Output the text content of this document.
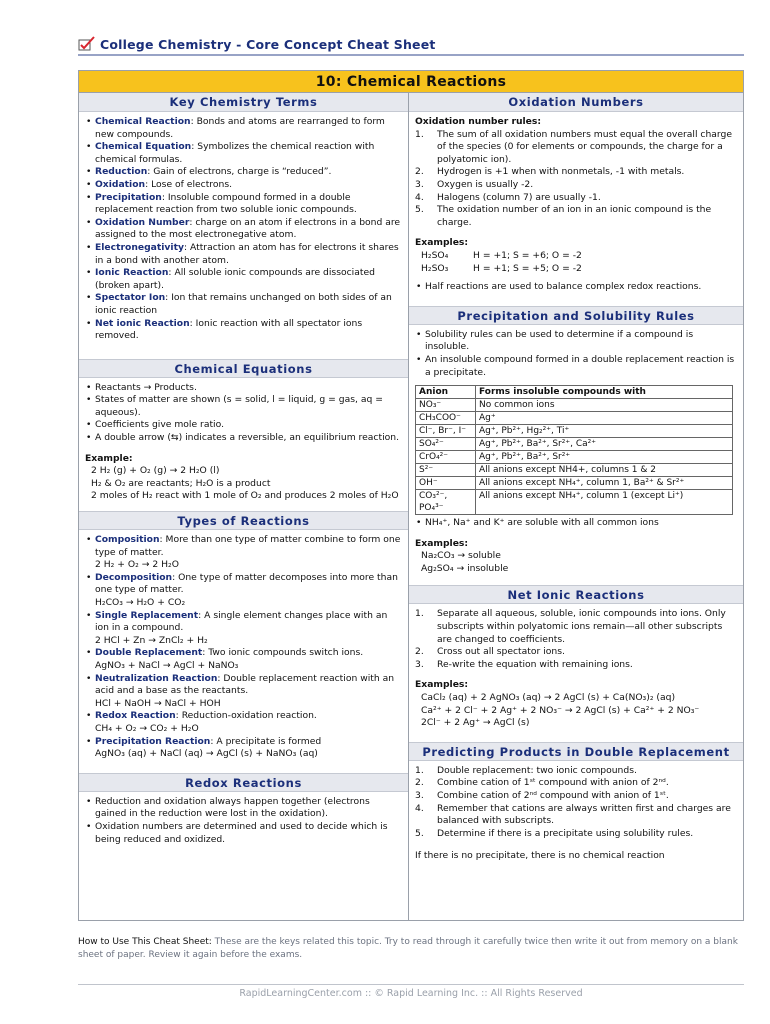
College Chemistry - Core Concept Cheat Sheet
10: Chemical Reactions
Key Chemistry Terms
• Chemical Reaction: Bonds and atoms are rearranged to form new compounds.
• Chemical Equation: Symbolizes the chemical reaction with chemical formulas.
• Reduction: Gain of electrons, charge is “reduced”.
• Oxidation: Lose of electrons.
• Precipitation: Insoluble compound formed in a double replacement reaction from two soluble ionic compounds.
• Oxidation Number: charge on an atom if electrons in a bond are assigned to the most electronegative atom.
• Electronegativity: Attraction an atom has for electrons it shares in a bond with another atom.
• Ionic Reaction: All soluble ionic compounds are dissociated (broken apart).
• Spectator Ion: Ion that remains unchanged on both sides of an ionic reaction
• Net ionic Reaction: Ionic reaction with all spectator ions removed.
Chemical Equations
• Reactants → Products.
• States of matter are shown (s = solid, l = liquid, g = gas, aq = aqueous).
• Coefficients give mole ratio.
• A double arrow (⇆) indicates a reversible, an equilibrium reaction.
Example:
2 H₂ (g) + O₂ (g) → 2 H₂O (l)
H₂ & O₂ are reactants; H₂O is a product
2 moles of H₂ react with 1 mole of O₂ and produces 2 moles of H₂O
Types of Reactions
• Composition: More than one type of matter combine to form one type of matter.
2 H₂ + O₂ → 2 H₂O
• Decomposition: One type of matter decomposes into more than one type of matter.
H₂CO₃ → H₂O + CO₂
• Single Replacement: A single element changes place with an ion in a compound.
2 HCl + Zn → ZnCl₂ + H₂
• Double Replacement: Two ionic compounds switch ions.
AgNO₃ + NaCl → AgCl + NaNO₃
• Neutralization Reaction: Double replacement reaction with an acid and a base as the reactants.
HCl + NaOH → NaCl + HOH
• Redox Reaction: Reduction-oxidation reaction.
CH₄ + O₂ → CO₂ + H₂O
• Precipitation Reaction: A precipitate is formed
AgNO₃ (aq) + NaCl (aq) → AgCl (s) + NaNO₃ (aq)
Redox Reactions
• Reduction and oxidation always happen together (electrons gained in the reduction were lost in the oxidation).
• Oxidation numbers are determined and used to decide which is being reduced and oxidized.
Oxidation Numbers
Oxidation number rules:
1. The sum of all oxidation numbers must equal the overall charge of the species (0 for elements or compounds, the charge for a polyatomic ion).
2. Hydrogen is +1 when with nonmetals, -1 with metals.
3. Oxygen is usually -2.
4. Halogens (column 7) are usually -1.
5. The oxidation number of an ion in an ionic compound is the charge.
Examples:
H₂SO₄	H = +1; S = +6; O = -2
H₂SO₃	H = +1; S = +5; O = -2
• Half reactions are used to balance complex redox reactions.
Precipitation and Solubility Rules
• Solubility rules can be used to determine if a compound is insoluble.
• An insoluble compound formed in a double replacement reaction is a precipitate.
Anion	Forms insoluble compounds with
NO₃⁻	No common ions
CH₃COO⁻	Ag⁺
Cl⁻, Br⁻, I⁻	Ag⁺, Pb²⁺, Hg₂²⁺, Ti⁺
SO₄²⁻	Ag⁺, Pb²⁺, Ba²⁺, Sr²⁺, Ca²⁺
CrO₄²⁻	Ag⁺, Pb²⁺, Ba²⁺, Sr²⁺
S²⁻	All anions except NH4+, columns 1 & 2
OH⁻	All anions except NH₄⁺, column 1, Ba²⁺ & Sr²⁺
CO₃²⁻, PO₄³⁻	All anions except NH₄⁺, column 1 (except Li⁺)
• NH₄⁺, Na⁺ and K⁺ are soluble with all common ions
Examples:
Na₂CO₃ → soluble
Ag₂SO₄ → insoluble
Net Ionic Reactions
1. Separate all aqueous, soluble, ionic compounds into ions. Only subscripts within polyatomic ions remain—all other subscripts are changed to coefficients.
2. Cross out all spectator ions.
3. Re-write the equation with remaining ions.
Examples:
CaCl₂ (aq) + 2 AgNO₃ (aq) → 2 AgCl (s) + Ca(NO₃)₂ (aq)
Ca²⁺ + 2 Cl⁻ + 2 Ag⁺ + 2 NO₃⁻ → 2 AgCl (s) + Ca²⁺ + 2 NO₃⁻
2Cl⁻ + 2 Ag⁺ → AgCl (s)
Predicting Products in Double Replacement
1. Double replacement: two ionic compounds.
2. Combine cation of 1ˢᵗ compound with anion of 2ⁿᵈ.
3. Combine cation of 2ⁿᵈ compound with anion of 1ˢᵗ.
4. Remember that cations are always written first and charges are balanced with subscripts.
5. Determine if there is a precipitate using solubility rules.
If there is no precipitate, there is no chemical reaction
How to Use This Cheat Sheet: These are the keys related this topic. Try to read through it carefully twice then write it out from memory on a blank sheet of paper. Review it again before the exams.
RapidLearningCenter.com :: © Rapid Learning Inc. :: All Rights Reserved
